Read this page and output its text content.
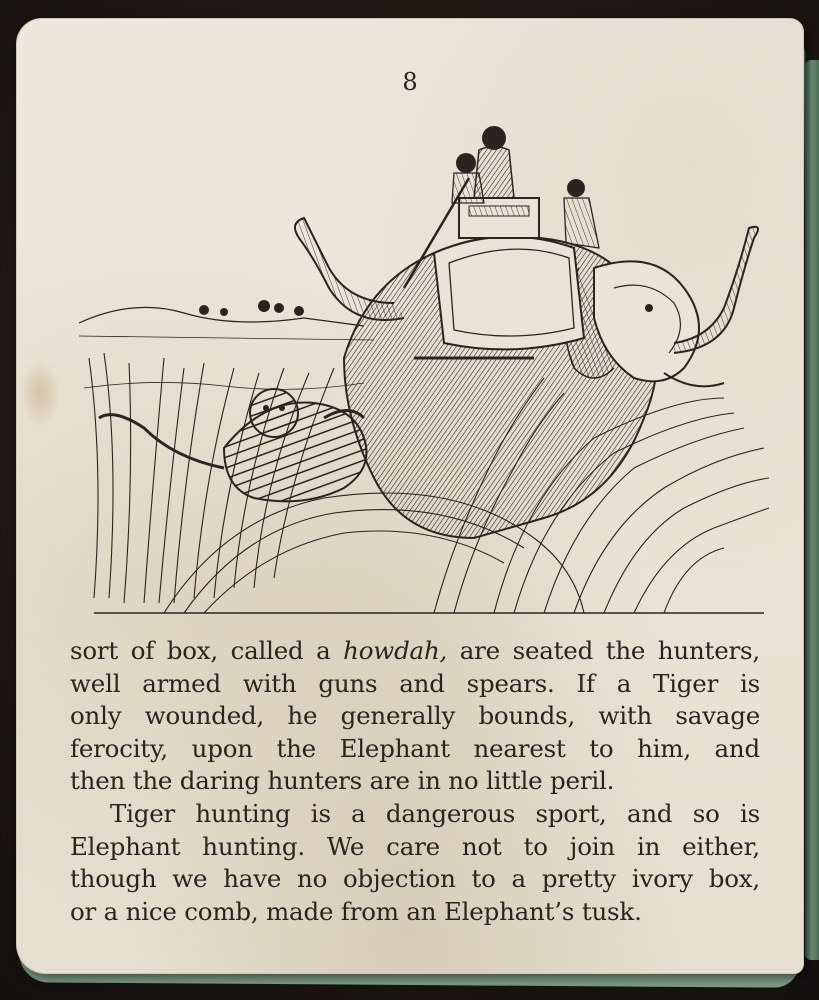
8

sort of box, called a howdah, are seated the hunters,

well armed with guns and spears. If a Tiger is

only wounded, he generally bounds, with savage

ferocity, upon the Elephant nearest to him, and

then the daring hunters are in no little peril.

Tiger hunting is a dangerous sport, and so is

Elephant hunting. We care not to join in either,

though we have no objection to a pretty ivory box,

or a nice comb, made from an Elephant’s tusk.
